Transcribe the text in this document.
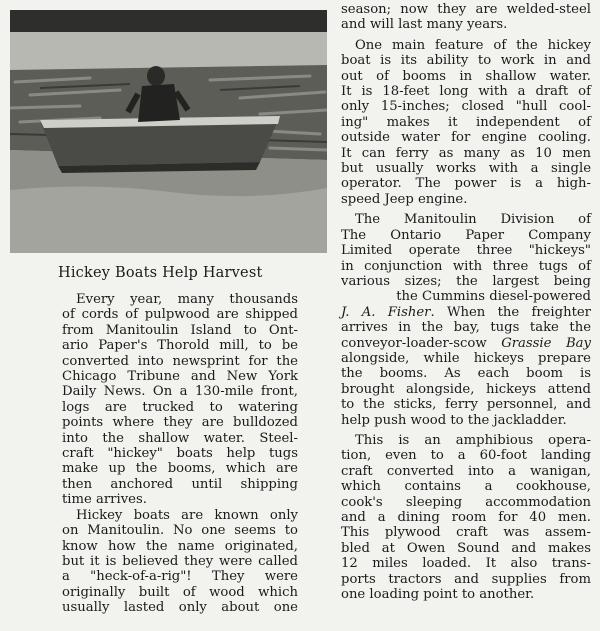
Hickey Boats Help Harvest
Every year, many thousands
of cords of pulpwood are shipped
from Manitoulin Island to Ont-
ario Paper's Thorold mill, to be
converted into newsprint for the
Chicago Tribune and New York
Daily News. On a 130-mile front,
logs are trucked to watering
points where they are bulldozed
into the shallow water. Steel-
craft "hickey" boats help tugs
make up the booms, which are
then anchored until shipping
time arrives.
Hickey boats are known only
on Manitoulin. No one seems to
know how the name originated,
but it is believed they were called
a "heck-of-a-rig"! They were
originally built of wood which
usually lasted only about one
season; now they are welded-steel
and will last many years.
One main feature of the hickey
boat is its ability to work in and
out of booms in shallow water.
It is 18-feet long with a draft of
only 15-inches; closed "hull cool-
ing" makes it independent of
outside water for engine cooling.
It can ferry as many as 10 men
but usually works with a single
operator. The power is a high-
speed Jeep engine.
The Manitoulin Division of
The Ontario Paper Company
Limited operate three "hickeys"
in conjunction with three tugs of
various sizes; the largest being
the Cummins diesel-powered
J. A. Fisher. When the freighter
arrives in the bay, tugs take the
conveyor-loader-scow Grassie Bay
alongside, while hickeys prepare
the booms. As each boom is
brought alongside, hickeys attend
to the sticks, ferry personnel, and
help push wood to the jackladder.
This is an amphibious opera-
tion, even to a 60-foot landing
craft converted into a wanigan,
which contains a cookhouse,
cook's sleeping accommodation
and a dining room for 40 men.
This plywood craft was assem-
bled at Owen Sound and makes
12 miles loaded. It also trans-
ports tractors and supplies from
one loading point to another.
